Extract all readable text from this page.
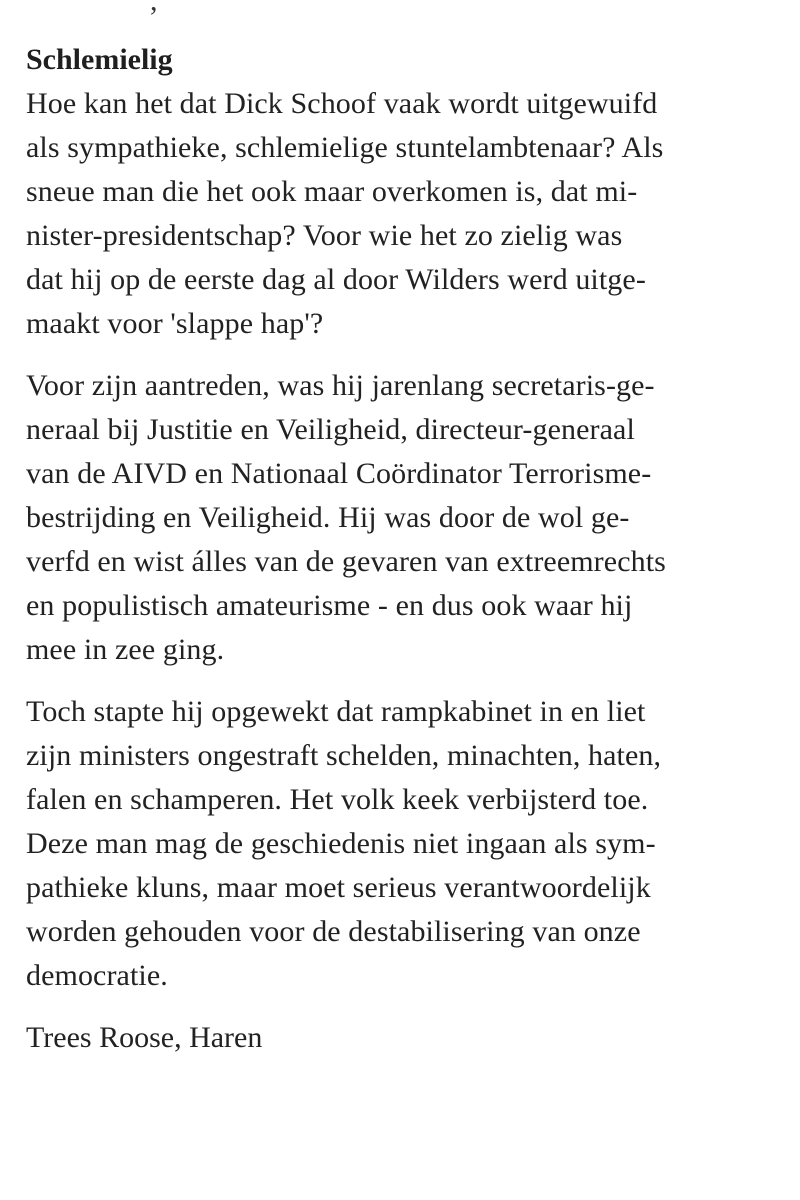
,
Schlemielig

Hoe kan het dat Dick Schoof vaak wordt uitgewuifd
als sympathieke, schlemielige stuntelambtenaar? Als
sneue man die het ook maar overkomen is, dat mi-
nister-presidentschap? Voor wie het zo zielig was
dat hij op de eerste dag al door Wilders werd uitge-
maakt voor 'slappe hap'?

Voor zijn aantreden, was hij jarenlang secretaris-ge-
neraal bij Justitie en Veiligheid, directeur-generaal
van de AIVD en Nationaal Coördinator Terrorisme-
bestrijding en Veiligheid. Hij was door de wol ge-
verfd en wist álles van de gevaren van extreemrechts
en populistisch amateurisme - en dus ook waar hij
mee in zee ging.

Toch stapte hij opgewekt dat rampkabinet in en liet
zijn ministers ongestraft schelden, minachten, haten,
falen en schamperen. Het volk keek verbijsterd toe.
Deze man mag de geschiedenis niet ingaan als sym-
pathieke kluns, maar moet serieus verantwoordelijk
worden gehouden voor de destabilisering van onze
democratie.

Trees Roose, Haren
